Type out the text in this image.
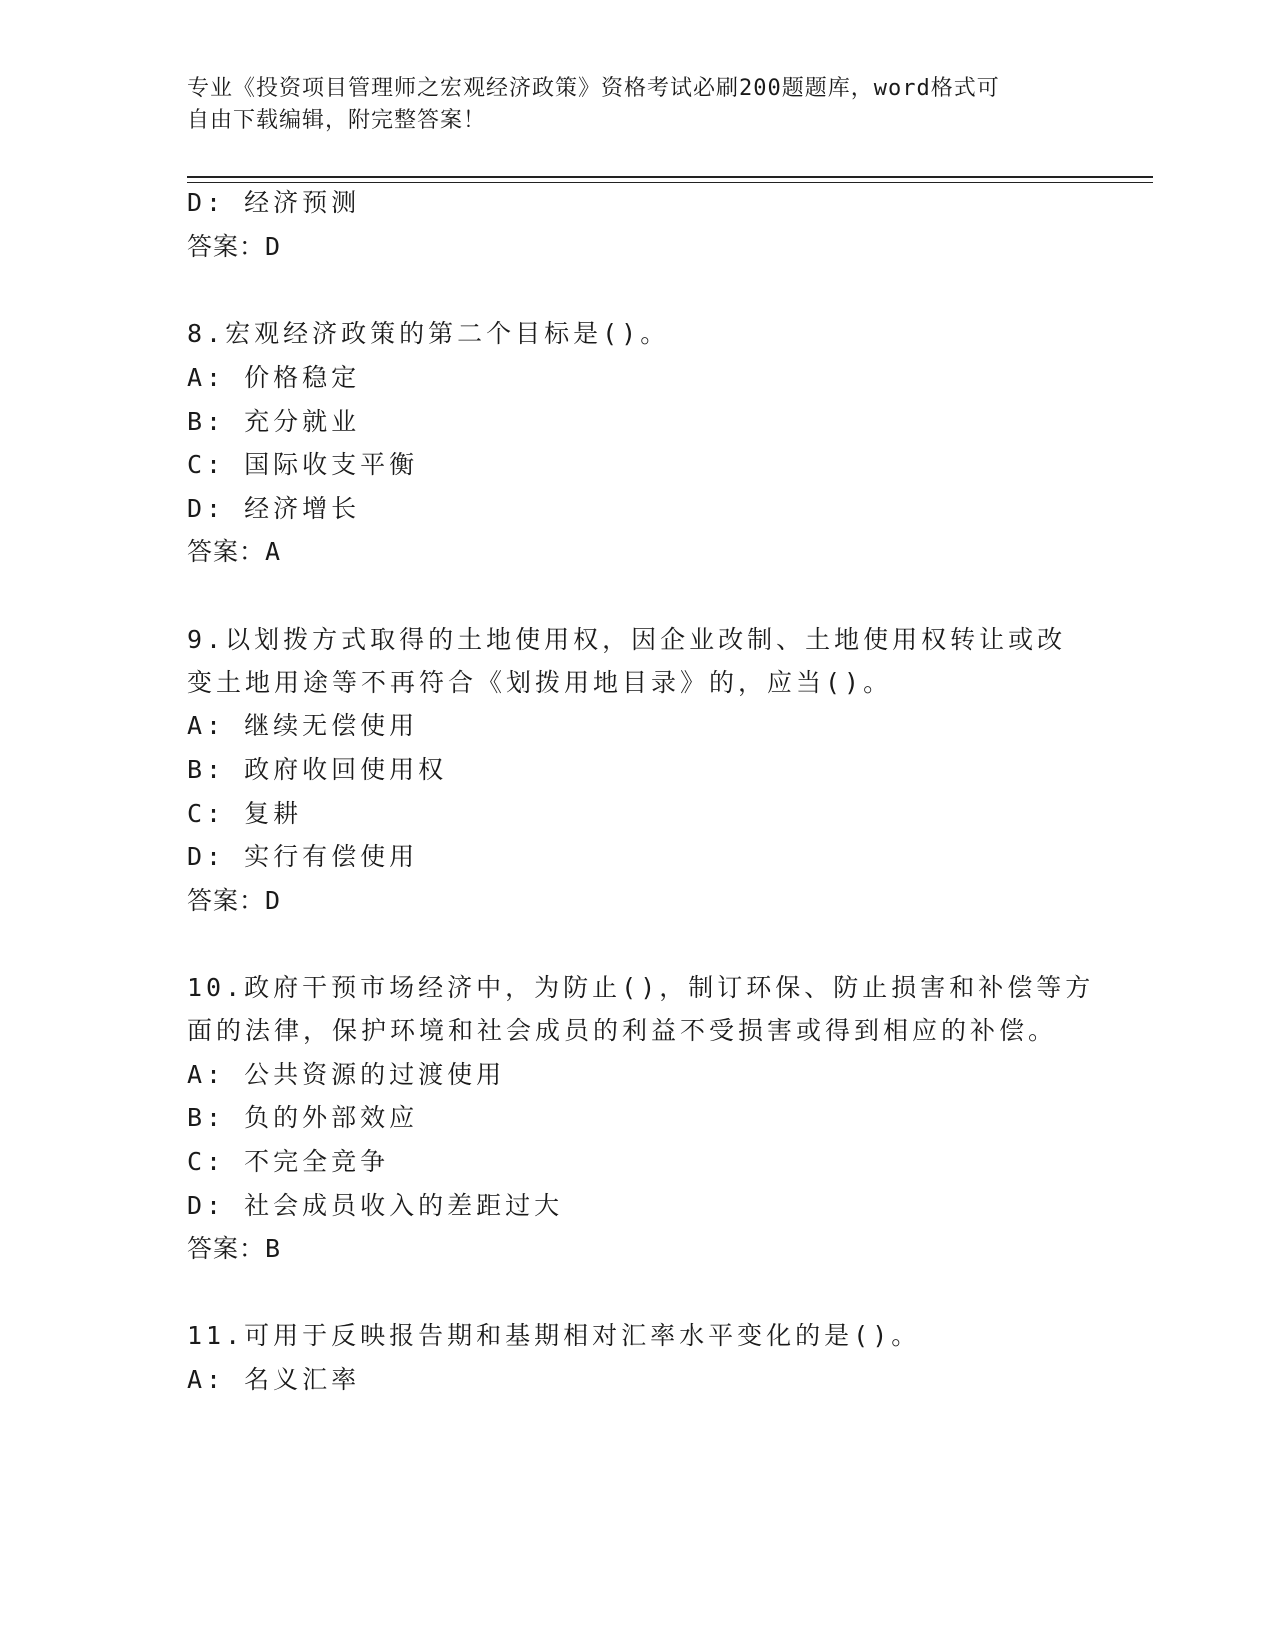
专业《投资项目管理师之宏观经济政策》资格考试必刷200题题库，word格式可
自由下载编辑，附完整答案！
D: 经济预测
答案：D
8.宏观经济政策的第二个目标是()。
A: 价格稳定
B: 充分就业
C: 国际收支平衡
D: 经济增长
答案：A
9.以划拨方式取得的土地使用权，因企业改制、土地使用权转让或改
变土地用途等不再符合《划拨用地目录》的，应当()。
A: 继续无偿使用
B: 政府收回使用权
C: 复耕
D: 实行有偿使用
答案：D
10.政府干预市场经济中，为防止()，制订环保、防止损害和补偿等方
面的法律，保护环境和社会成员的利益不受损害或得到相应的补偿。
A: 公共资源的过渡使用
B: 负的外部效应
C: 不完全竞争
D: 社会成员收入的差距过大
答案：B
11.可用于反映报告期和基期相对汇率水平变化的是()。
A: 名义汇率
